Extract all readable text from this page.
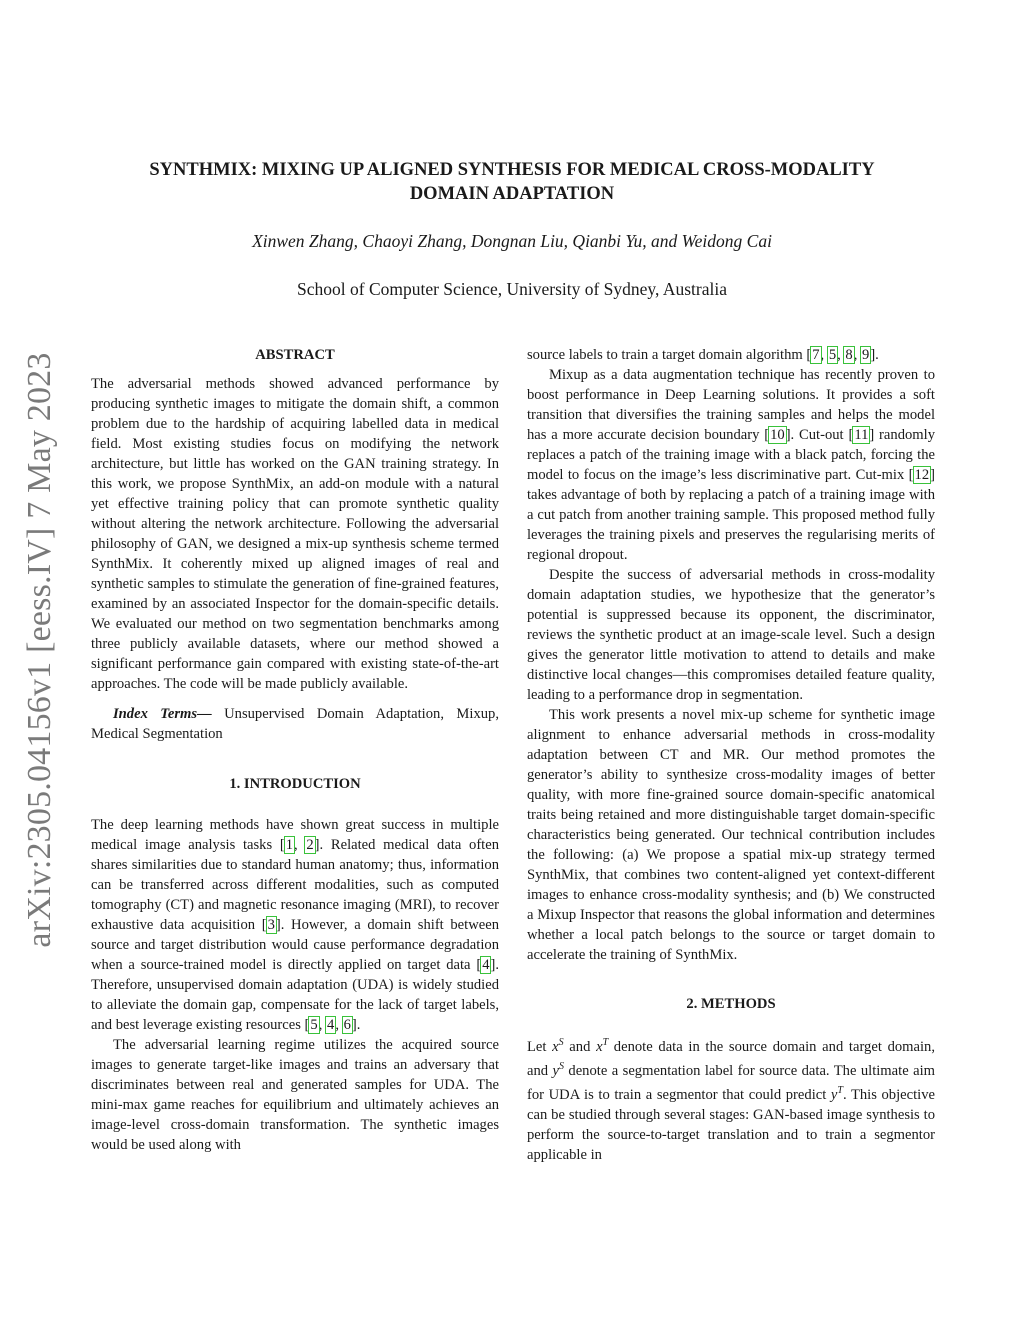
arXiv:2305.04156v1 [eess.IV] 7 May 2023
SYNTHMIX: MIXING UP ALIGNED SYNTHESIS FOR MEDICAL CROSS-MODALITY
DOMAIN ADAPTATION

Xinwen Zhang, Chaoyi Zhang, Dongnan Liu, Qianbi Yu, and Weidong Cai

School of Computer Science, University of Sydney, Australia

ABSTRACT

The adversarial methods showed advanced performance by producing synthetic images to mitigate the domain shift, a common problem due to the hardship of acquiring labelled data in medical field. Most existing studies focus on modifying the network architecture, but little has worked on the GAN training strategy. In this work, we propose SynthMix, an add-on module with a natural yet effective training policy that can promote synthetic quality without altering the network architecture. Following the adversarial philosophy of GAN, we designed a mix-up synthesis scheme termed SynthMix. It coherently mixed up aligned images of real and synthetic samples to stimulate the generation of fine-grained features, examined by an associated Inspector for the domain-specific details. We evaluated our method on two segmentation benchmarks among three publicly available datasets, where our method showed a significant performance gain compared with existing state-of-the-art approaches. The code will be made publicly available.

Index Terms— Unsupervised Domain Adaptation, Mixup, Medical Segmentation

1. INTRODUCTION

The deep learning methods have shown great success in multiple medical image analysis tasks [1, 2]. Related medical data often shares similarities due to standard human anatomy; thus, information can be transferred across different modalities, such as computed tomography (CT) and magnetic resonance imaging (MRI), to recover exhaustive data acquisition [3]. However, a domain shift between source and target distribution would cause performance degradation when a source-trained model is directly applied on target data [4]. Therefore, unsupervised domain adaptation (UDA) is widely studied to alleviate the domain gap, compensate for the lack of target labels, and best leverage existing resources [5, 4, 6].

The adversarial learning regime utilizes the acquired source images to generate target-like images and trains an adversary that discriminates between real and generated samples for UDA. The mini-max game reaches for equilibrium and ultimately achieves an image-level cross-domain transformation. The synthetic images would be used along with

source labels to train a target domain algorithm [7, 5, 8, 9].

Mixup as a data augmentation technique has recently proven to boost performance in Deep Learning solutions. It provides a soft transition that diversifies the training samples and helps the model has a more accurate decision boundary [10]. Cut-out [11] randomly replaces a patch of the training image with a black patch, forcing the model to focus on the image’s less discriminative part. Cut-mix [12] takes advantage of both by replacing a patch of a training image with a cut patch from another training sample. This proposed method fully leverages the training pixels and preserves the regularising merits of regional dropout.

Despite the success of adversarial methods in cross-modality domain adaptation studies, we hypothesize that the generator’s potential is suppressed because its opponent, the discriminator, reviews the synthetic product at an image-scale level. Such a design gives the generator little motivation to attend to details and make distinctive local changes—this compromises detailed feature quality, leading to a performance drop in segmentation.

This work presents a novel mix-up scheme for synthetic image alignment to enhance adversarial methods in cross-modality adaptation between CT and MR. Our method promotes the generator’s ability to synthesize cross-modality images of better quality, with more fine-grained source domain-specific anatomical traits being retained and more distinguishable target domain-specific characteristics being generated. Our technical contribution includes the following: (a) We propose a spatial mix-up strategy termed SynthMix, that combines two content-aligned yet context-different images to enhance cross-modality synthesis; and (b) We constructed a Mixup Inspector that reasons the global information and determines whether a local patch belongs to the source or target domain to accelerate the training of SynthMix.

2. METHODS

Let $x^S$ and $x^T$ denote data in the source domain and target domain, and $y^S$ denote a segmentation label for source data. The ultimate aim for UDA is to train a segmentor that could predict $y^T$. This objective can be studied through several stages: GAN-based image synthesis to perform the source-to-target translation and to train a segmentor applicable in
